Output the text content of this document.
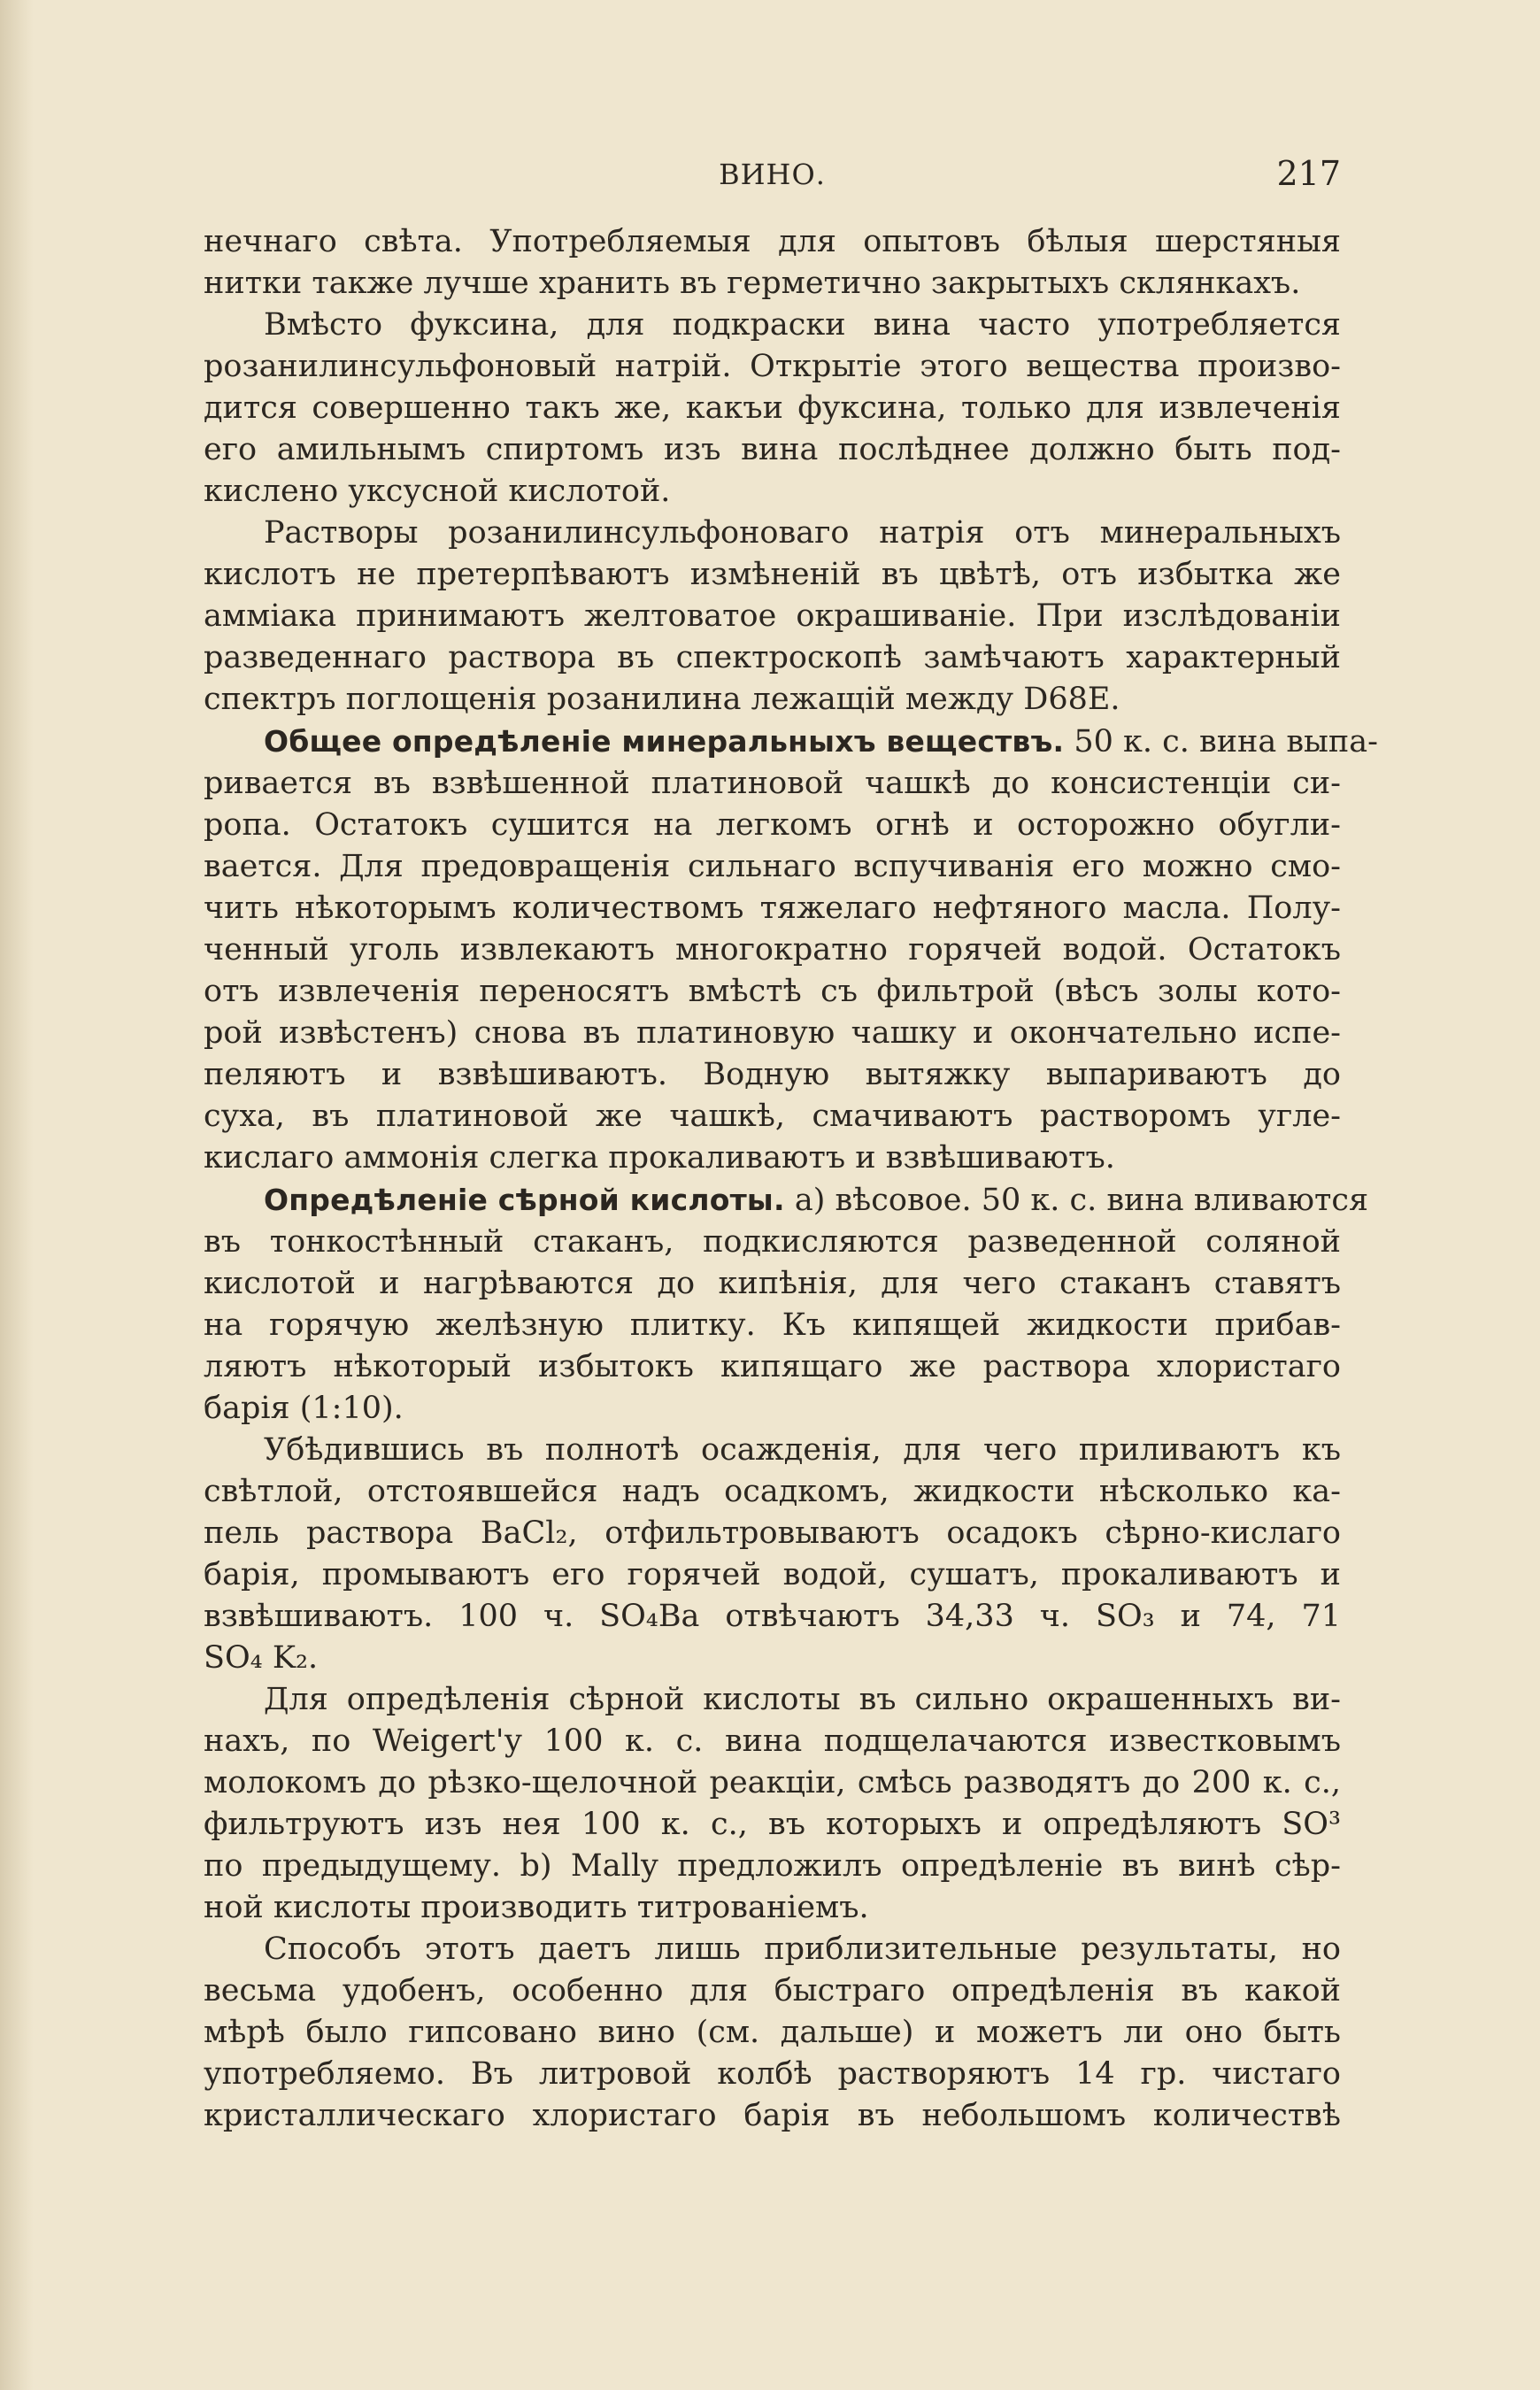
ВИНО.	217
нечнаго свѣта. Употребляемыя для опытовъ бѣлыя шерстяныя
нитки также лучше хранить въ герметично закрытыхъ склянкахъ.
Вмѣсто фуксина, для подкраски вина часто употребляется
розанилинсульфоновый натрій. Открытіе этого вещества произво-
дится совершенно такъ же, какъи фуксина, только для извлеченія
его амильнымъ спиртомъ изъ вина послѣднее должно быть под-
кислено уксусной кислотой.
Растворы розанилинсульфоноваго натрія отъ минеральныхъ
кислотъ не претерпѣваютъ измѣненій въ цвѣтѣ, отъ избытка же
амміака принимаютъ желтоватое окрашиваніе. При изслѣдованіи
разведеннаго раствора въ спектроскопѣ замѣчаютъ характерный
спектръ поглощенія розанилина лежащій между D68E.
Общее опредѣленіе минеральныхъ веществъ. 50 к. с. вина выпа-
ривается въ взвѣшенной платиновой чашкѣ до консистенціи си-
ропа. Остатокъ сушится на легкомъ огнѣ и осторожно обугли-
вается. Для предовращенія сильнаго вспучиванія его можно смо-
чить нѣкоторымъ количествомъ тяжелаго нефтяного масла. Полу-
ченный уголь извлекаютъ многократно горячей водой. Остатокъ
отъ извлеченія переносятъ вмѣстѣ съ фильтрой (вѣсъ золы кото-
рой извѣстенъ) снова въ платиновую чашку и окончательно испе-
пеляютъ и взвѣшиваютъ. Водную вытяжку выпариваютъ до
суха, въ платиновой же чашкѣ, смачиваютъ растворомъ угле-
кислаго аммонія слегка прокаливаютъ и взвѣшиваютъ.
Опредѣленіе сѣрной кислоты. а) вѣсовое. 50 к. с. вина вливаются
въ тонкостѣнный стаканъ, подкисляются разведенной соляной
кислотой и нагрѣваются до кипѣнія, для чего стаканъ ставятъ
на горячую желѣзную плитку. Къ кипящей жидкости прибав-
ляютъ нѣкоторый избытокъ кипящаго же раствора хлористаго
барія (1:10).
Убѣдившись въ полнотѣ осажденія, для чего приливаютъ къ
свѣтлой, отстоявшейся надъ осадкомъ, жидкости нѣсколько ка-
пель раствора BaCl₂, отфильтровываютъ осадокъ сѣрно-кислаго
барія, промываютъ его горячей водой, сушатъ, прокаливаютъ и
взвѣшиваютъ. 100 ч. SO₄Ba отвѣчаютъ 34,33 ч. SO₃ и 74, 71
SO₄ K₂.
Для опредѣленія сѣрной кислоты въ сильно окрашенныхъ ви-
нахъ, по Weigert'у 100 к. с. вина подщелачаются известковымъ
молокомъ до рѣзко-щелочной реакціи, смѣсь разводятъ до 200 к. с.,
фильтруютъ изъ нея 100 к. с., въ которыхъ и опредѣляютъ SO³
по предыдущему. b) Mally предложилъ опредѣленіе въ винѣ сѣр-
ной кислоты производить титрованіемъ.
Способъ этотъ даетъ лишь приблизительные результаты, но
весьма удобенъ, особенно для быстраго опредѣленія въ какой
мѣрѣ было гипсовано вино (см. дальше) и можетъ ли оно быть
употребляемо. Въ литровой колбѣ растворяютъ 14 гр. чистаго
кристаллическаго хлористаго барія въ небольшомъ количествѣ
